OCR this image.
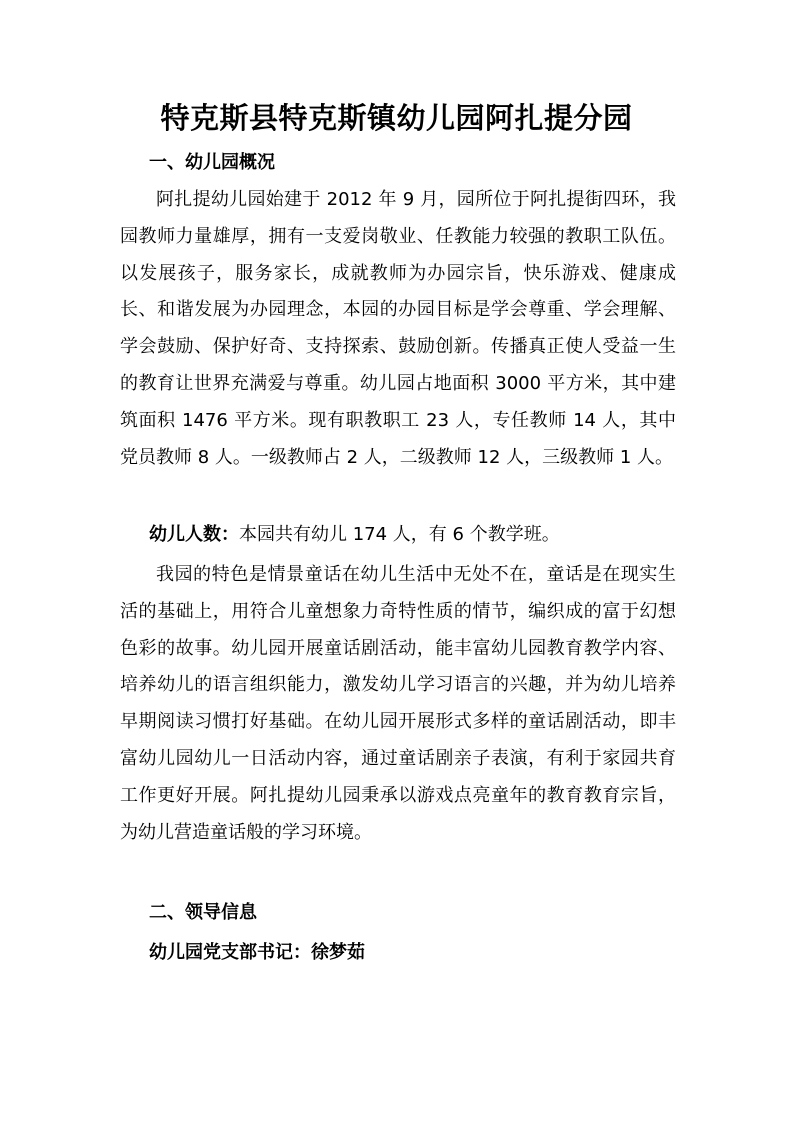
特克斯县特克斯镇幼儿园阿扎提分园
一、幼儿园概况

阿扎提幼儿园始建于 2012 年 9 月，园所位于阿扎提街四环，我园教师力量雄厚，拥有一支爱岗敬业、任教能力较强的教职工队伍。以发展孩子，服务家长，成就教师为办园宗旨，快乐游戏、健康成长、和谐发展为办园理念，本园的办园目标是学会尊重、学会理解、学会鼓励、保护好奇、支持探索、鼓励创新。传播真正使人受益一生的教育让世界充满爱与尊重。幼儿园占地面积 3000 平方米，其中建筑面积 1476 平方米。现有职教职工 23 人，专任教师 14 人，其中党员教师 8 人。一级教师占 2 人，二级教师 12 人，三级教师 1 人。

幼儿人数：本园共有幼儿 174 人，有 6 个教学班。

我园的特色是情景童话在幼儿生活中无处不在，童话是在现实生活的基础上，用符合儿童想象力奇特性质的情节，编织成的富于幻想色彩的故事。幼儿园开展童话剧活动，能丰富幼儿园教育教学内容、培养幼儿的语言组织能力，激发幼儿学习语言的兴趣，并为幼儿培养早期阅读习惯打好基础。在幼儿园开展形式多样的童话剧活动，即丰富幼儿园幼儿一日活动内容，通过童话剧亲子表演，有利于家园共育工作更好开展。阿扎提幼儿园秉承以游戏点亮童年的教育教育宗旨，为幼儿营造童话般的学习环境。

二、领导信息
幼儿园党支部书记：徐梦茹
